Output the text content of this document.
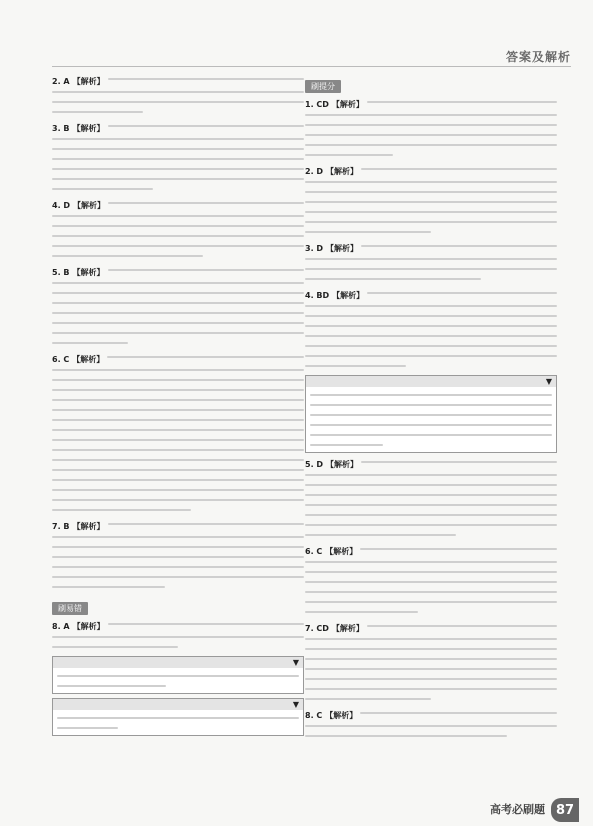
答案及解析
2. A 【解析】
3. B 【解析】
4. D 【解析】
5. B 【解析】
6. C 【解析】
7. B 【解析】
刷易错
8. A 【解析】
▼
▼
刷提分
1. CD 【解析】
2. D 【解析】
3. D 【解析】
4. BD 【解析】
▼
5. D 【解析】
6. C 【解析】
7. CD 【解析】
8. C 【解析】
高考必刷题 87
